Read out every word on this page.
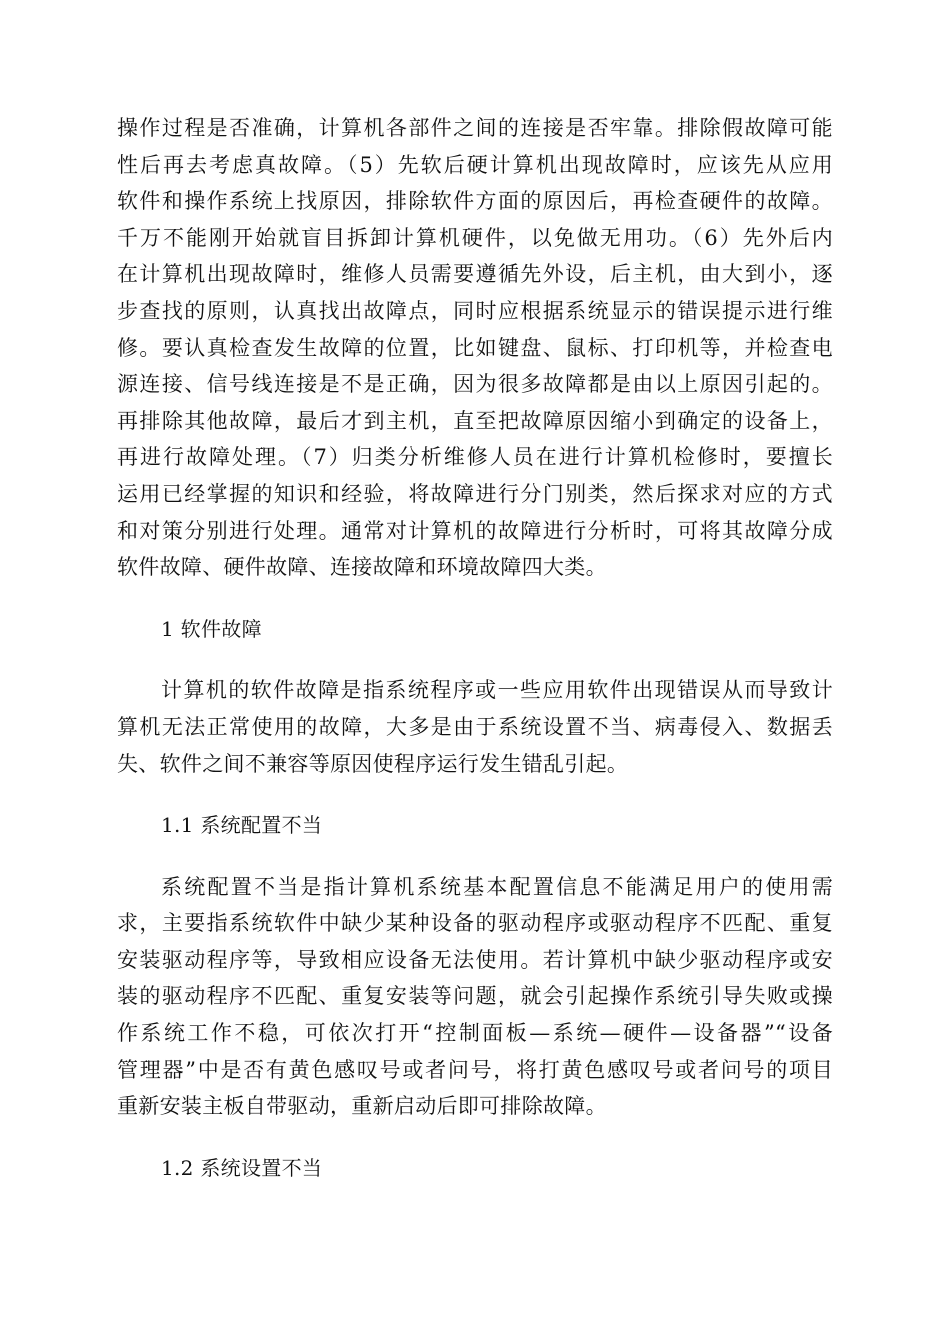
操作过程是否准确，计算机各部件之间的连接是否牢靠。排除假故障可能
性后再去考虑真故障。（5）先软后硬计算机出现故障时，应该先从应用
软件和操作系统上找原因，排除软件方面的原因后，再检查硬件的故障。
千万不能刚开始就盲目拆卸计算机硬件，以免做无用功。（6）先外后内
在计算机出现故障时，维修人员需要遵循先外设，后主机，由大到小，逐
步查找的原则，认真找出故障点，同时应根据系统显示的错误提示进行维
修。要认真检查发生故障的位置，比如键盘、鼠标、打印机等，并检查电
源连接、信号线连接是不是正确，因为很多故障都是由以上原因引起的。
再排除其他故障，最后才到主机，直至把故障原因缩小到确定的设备上，
再进行故障处理。（7）归类分析维修人员在进行计算机检修时，要擅长
运用已经掌握的知识和经验，将故障进行分门别类，然后探求对应的方式
和对策分别进行处理。通常对计算机的故障进行分析时，可将其故障分成
软件故障、硬件故障、连接故障和环境故障四大类。
1 软件故障
计算机的软件故障是指系统程序或一些应用软件出现错误从而导致计
算机无法正常使用的故障，大多是由于系统设置不当、病毒侵入、数据丢
失、软件之间不兼容等原因使程序运行发生错乱引起。
1.1 系统配置不当
系统配置不当是指计算机系统基本配置信息不能满足用户的使用需
求，主要指系统软件中缺少某种设备的驱动程序或驱动程序不匹配、重复
安装驱动程序等，导致相应设备无法使用。若计算机中缺少驱动程序或安
装的驱动程序不匹配、重复安装等问题，就会引起操作系统引导失败或操
作系统工作不稳，可依次打开“控制面板—系统—硬件—设备器”“设备
管理器”中是否有黄色感叹号或者问号，将打黄色感叹号或者问号的项目
重新安装主板自带驱动，重新启动后即可排除故障。
1.2 系统设置不当
